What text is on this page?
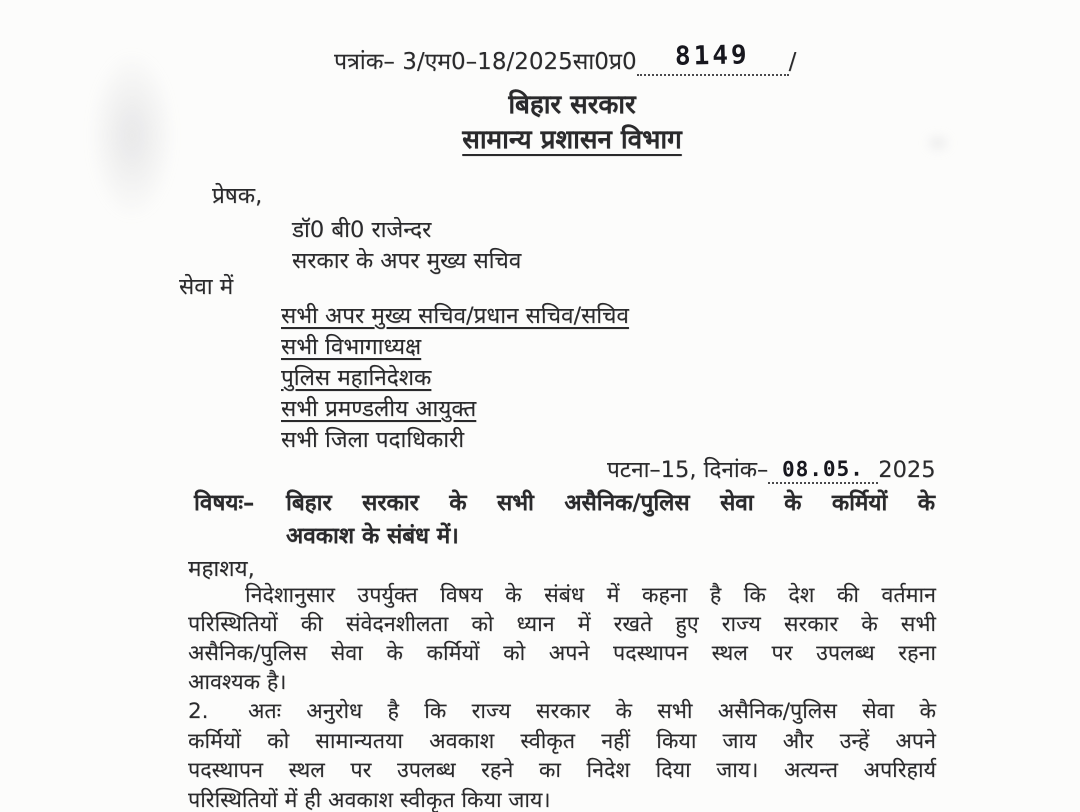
पत्रांक– 3/एम0–18/2025सा0प्र0 8149 /
बिहार सरकार
सामान्य प्रशासन विभाग
प्रेषक,
डॉ0 बी0 राजेन्दर
सरकार के अपर मुख्य सचिव
सेवा में
सभी अपर मुख्य सचिव/प्रधान सचिव/सचिव
सभी विभागाध्यक्ष
पुलिस महानिदेशक
सभी प्रमण्डलीय आयुक्त
सभी जिला पदाधिकारी
पटना–15, दिनांक– 08.05. 2025
विषयः– बिहार सरकार के सभी असैनिक/पुलिस सेवा के कर्मियों के
अवकाश के संबंध में।
महाशय,
निदेशानुसार उपर्युक्त विषय के संबंध में कहना है कि देश की वर्तमान
परिस्थितियों की संवेदनशीलता को ध्यान में रखते हुए राज्य सरकार के सभी
असैनिक/पुलिस सेवा के कर्मियों को अपने पदस्थापन स्थल पर उपलब्ध रहना
आवश्यक है।
2.	अतः अनुरोध है कि राज्य सरकार के सभी असैनिक/पुलिस सेवा के
कर्मियों को सामान्यतया अवकाश स्वीकृत नहीं किया जाय और उन्हें अपने
पदस्थापन स्थल पर उपलब्ध रहने का निदेश दिया जाय। अत्यन्त अपरिहार्य
परिस्थितियों में ही अवकाश स्वीकृत किया जाय।
